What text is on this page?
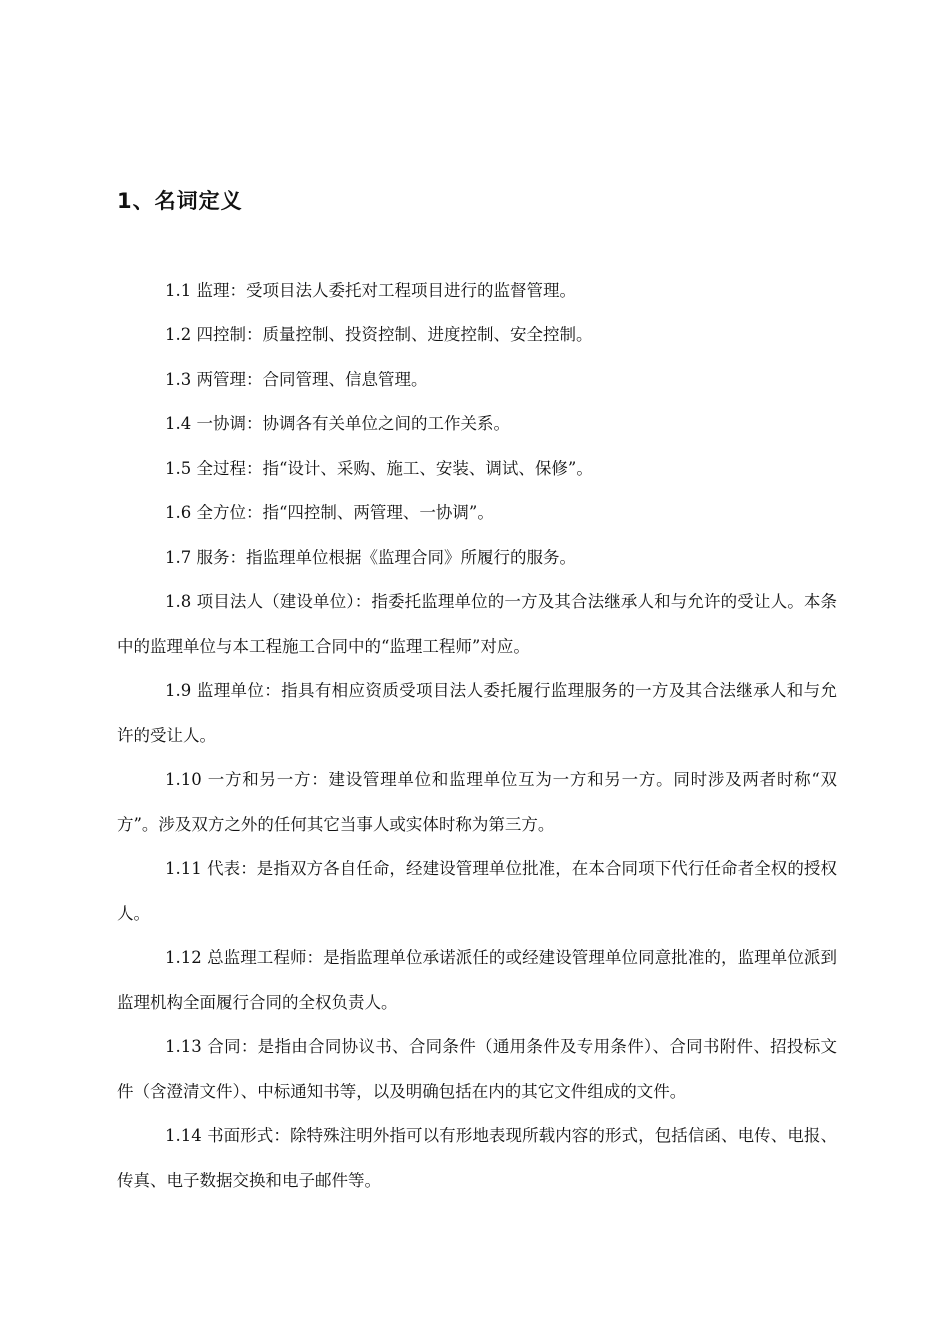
1、名词定义

1.1 监理：受项目法人委托对工程项目进行的监督管理。

1.2 四控制：质量控制、投资控制、进度控制、安全控制。

1.3 两管理：合同管理、信息管理。

1.4 一协调：协调各有关单位之间的工作关系。

1.5 全过程：指“设计、采购、施工、安装、调试、保修”。

1.6 全方位：指“四控制、两管理、一协调”。

1.7 服务：指监理单位根据《监理合同》所履行的服务。

1.8 项目法人（建设单位）：指委托监理单位的一方及其合法继承人和与允许的受让人。本条中的监理单位与本工程施工合同中的“监理工程师”对应。

1.9 监理单位：指具有相应资质受项目法人委托履行监理服务的一方及其合法继承人和与允许的受让人。

1.10 一方和另一方：建设管理单位和监理单位互为一方和另一方。同时涉及两者时称“双方”。涉及双方之外的任何其它当事人或实体时称为第三方。

1.11 代表：是指双方各自任命，经建设管理单位批准，在本合同项下代行任命者全权的授权人。

1.12 总监理工程师：是指监理单位承诺派任的或经建设管理单位同意批准的，监理单位派到监理机构全面履行合同的全权负责人。

1.13 合同：是指由合同协议书、合同条件（通用条件及专用条件）、合同书附件、招投标文件（含澄清文件）、中标通知书等，以及明确包括在内的其它文件组成的文件。

1.14 书面形式：除特殊注明外指可以有形地表现所载内容的形式，包括信函、电传、电报、传真、电子数据交换和电子邮件等。
